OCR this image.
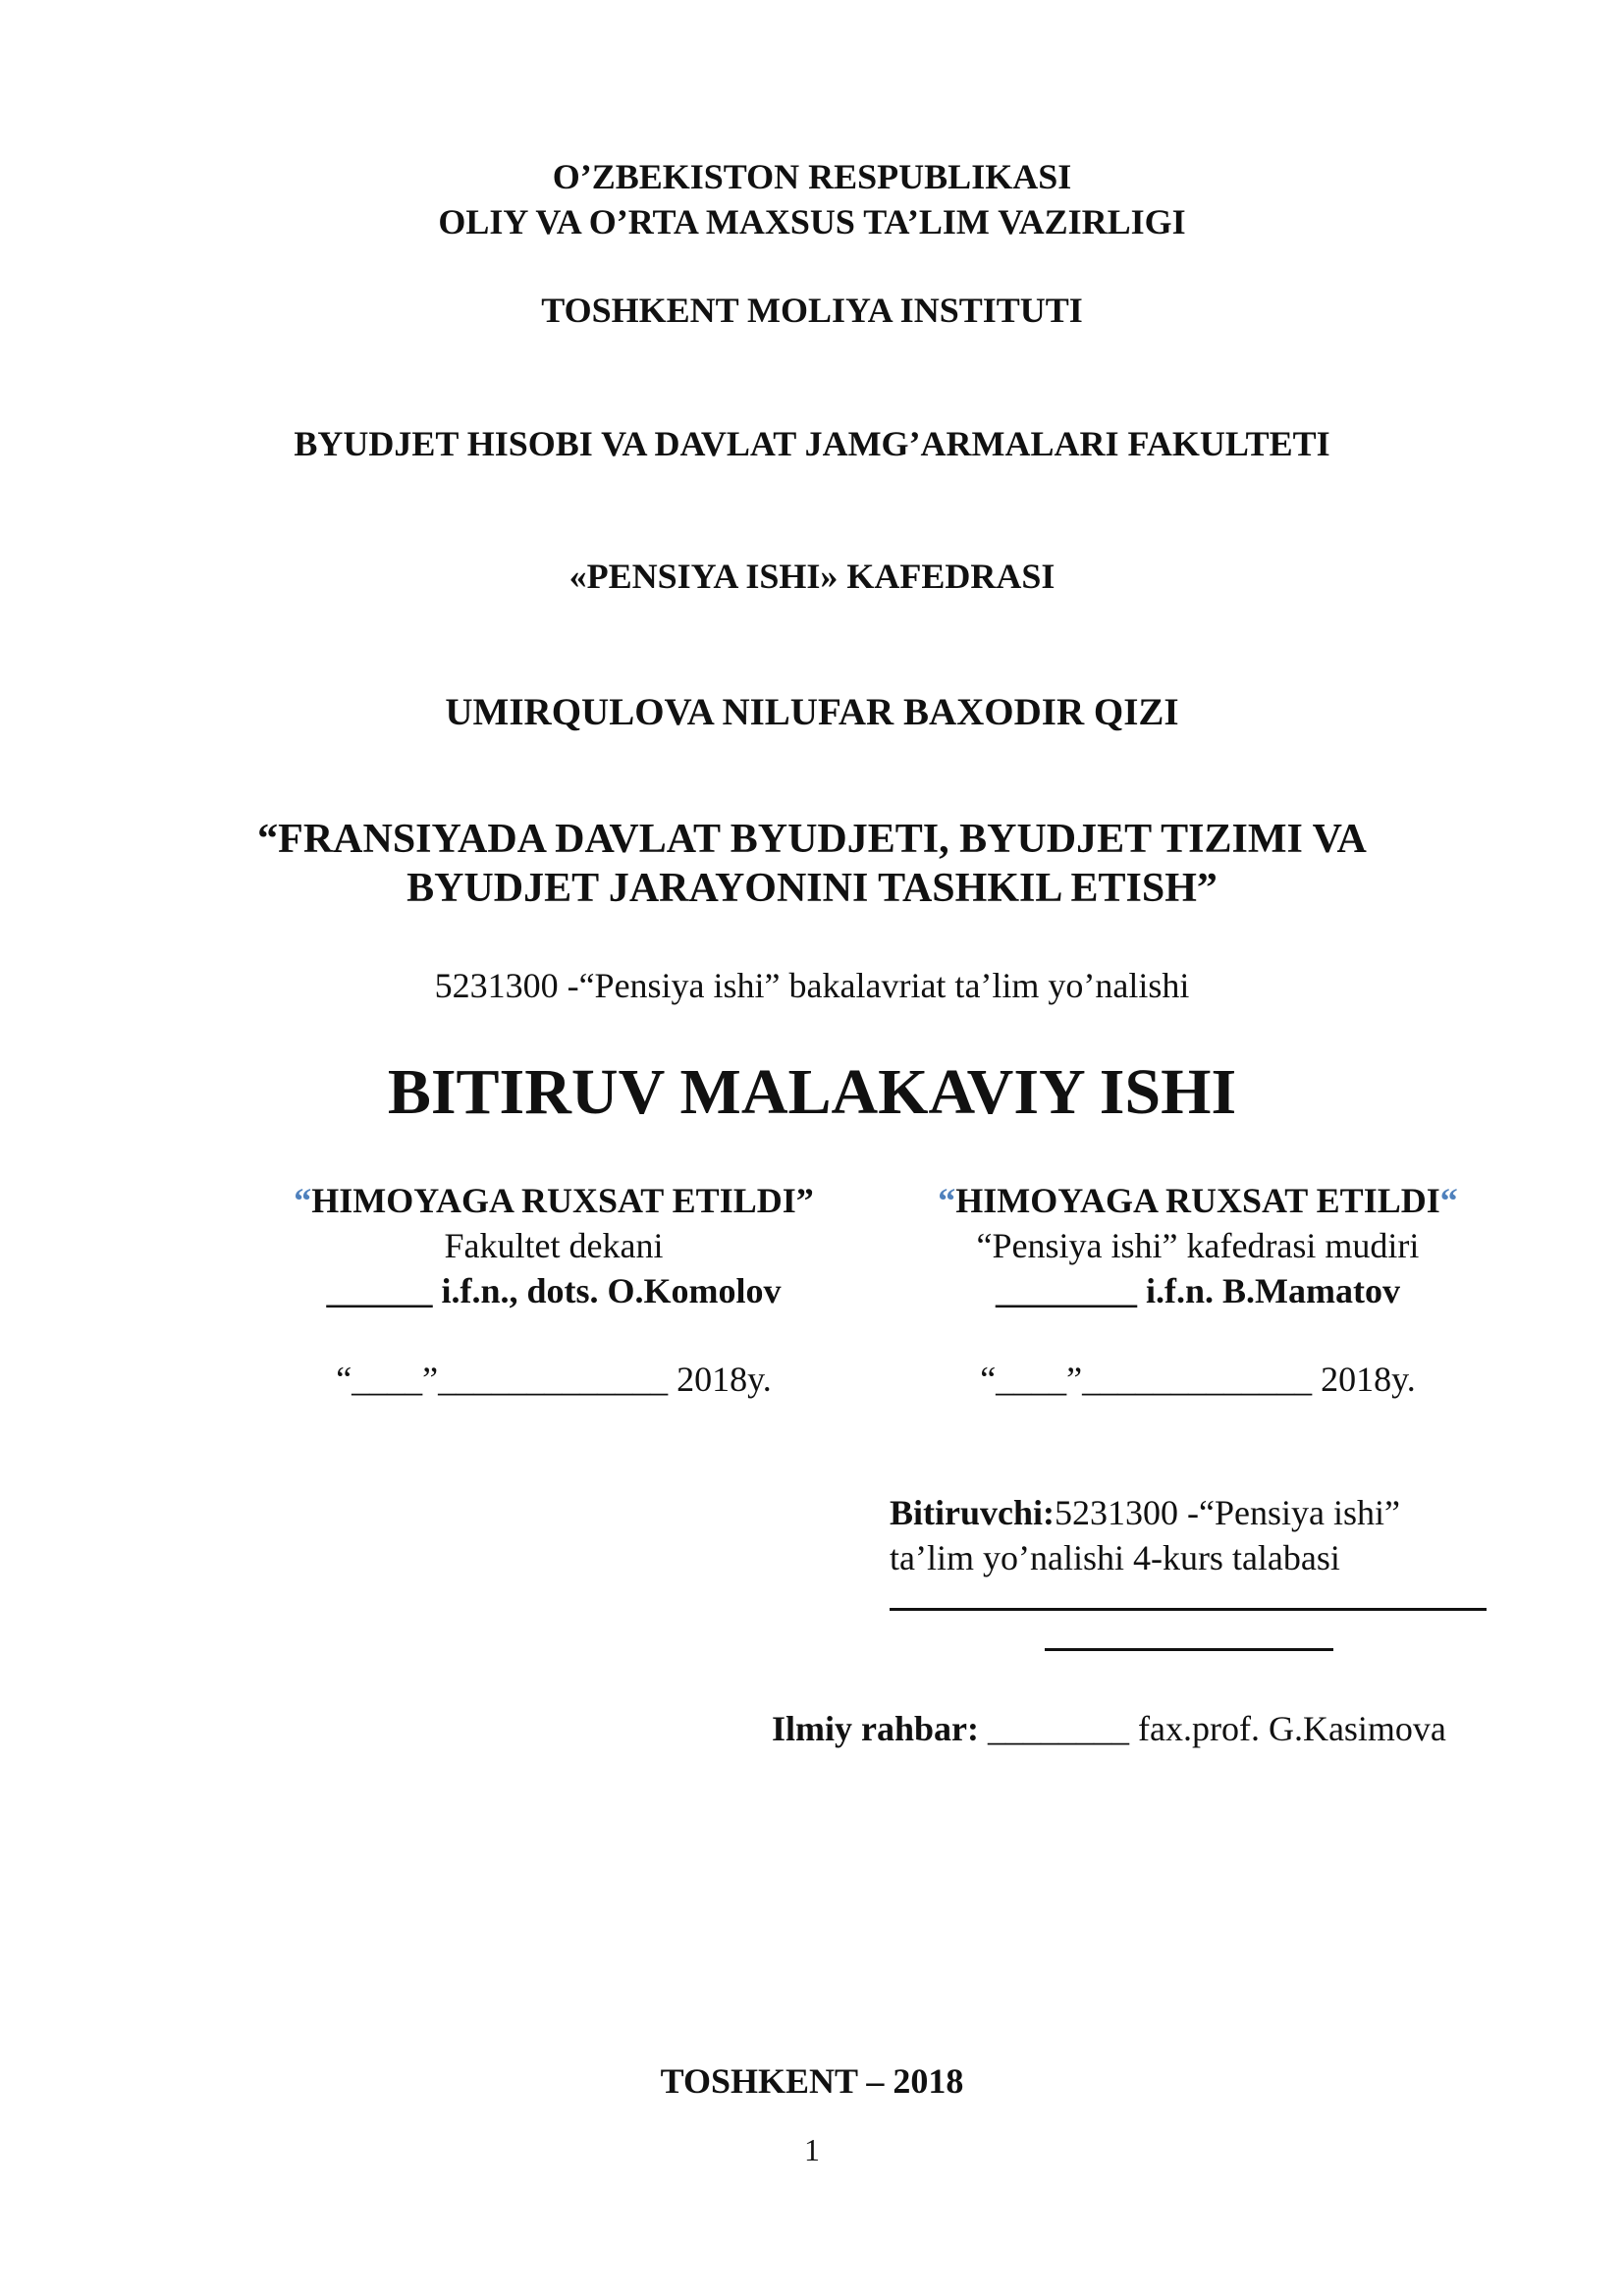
O’ZBEKISTON RESPUBLIKASI
OLIY VA O’RTA MAXSUS TA’LIM VAZIRLIGI
TOSHKENT MOLIYA INSTITUTI
BYUDJET HISOBI VA DAVLAT JAMG’ARMALARI FAKULTETI
«PENSIYA ISHI» KAFEDRASI
UMIRQULOVA NILUFAR BAXODIR QIZI
“FRANSIYADA DAVLAT BYUDJETI, BYUDJET TIZIMI VA
BYUDJET JARAYONINI TASHKIL ETISH”
5231300 -“Pensiya ishi” bakalavriat ta’lim yo’nalishi
BITIRUV MALAKAVIY ISHI
“HIMOYAGA RUXSAT ETILDI”
Fakultet dekani
______ i.f.n., dots. O.Komolov
“____”_____________ 2018y.
“HIMOYAGA RUXSAT ETILDI“
“Pensiya ishi” kafedrasi mudiri
________ i.f.n. B.Mamatov
“____”_____________ 2018y.
Bitiruvchi:5231300 -“Pensiya ishi”
ta’lim yo’nalishi 4-kurs talabasi
Ilmiy rahbar: ________ fax.prof. G.Kasimova
TOSHKENT – 2018
1
